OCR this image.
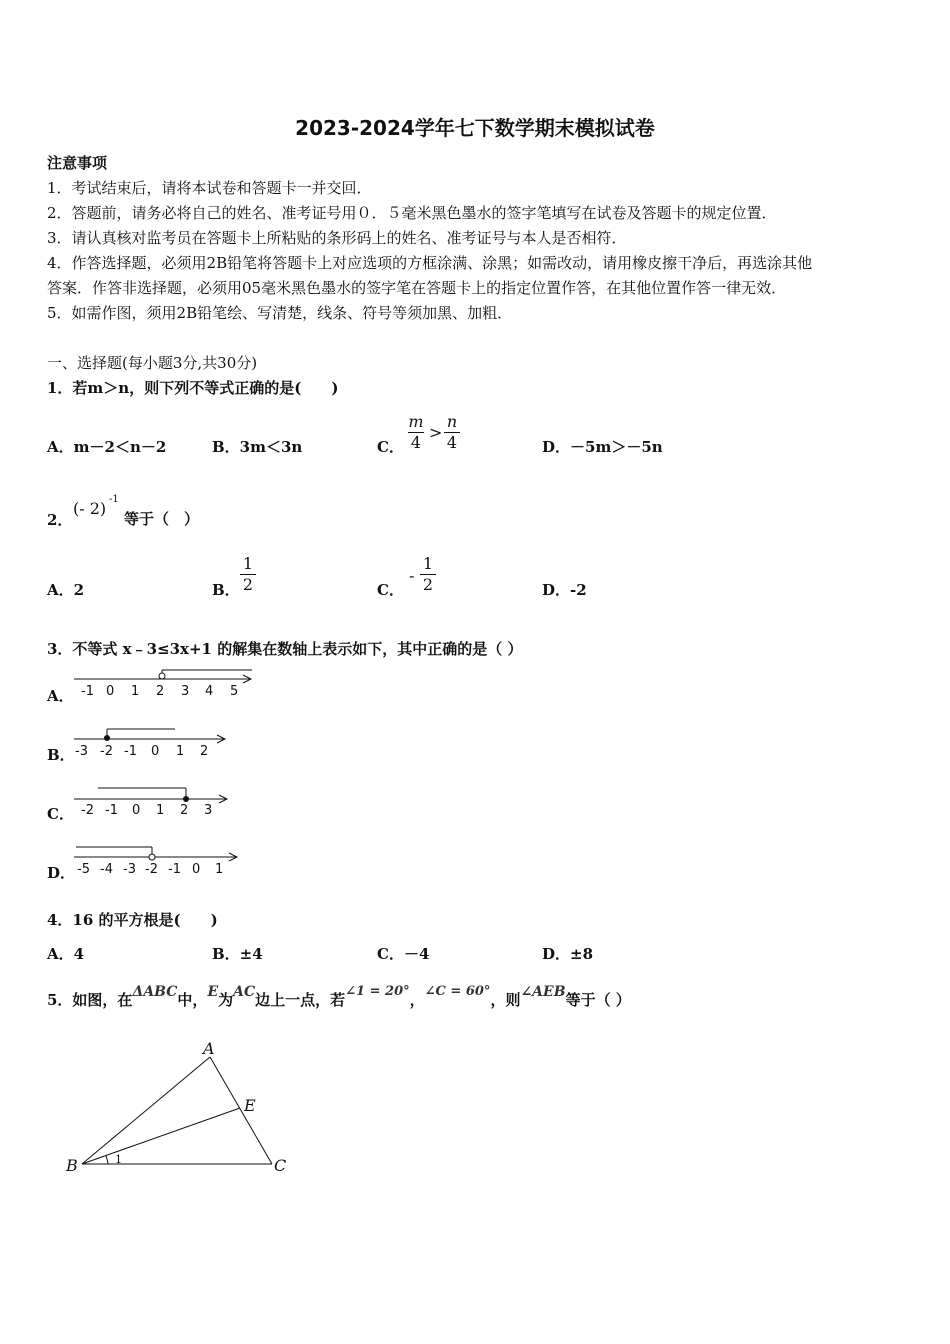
2023-2024学年七下数学期末模拟试卷
注意事项
1．考试结束后，请将本试卷和答题卡一并交回．
2．答题前，请务必将自己的姓名、准考证号用０．５毫米黑色墨水的签字笔填写在试卷及答题卡的规定位置．
3．请认真核对监考员在答题卡上所粘贴的条形码上的姓名、准考证号与本人是否相符．
4．作答选择题，必须用2B铅笔将答题卡上对应选项的方框涂满、涂黑；如需改动，请用橡皮擦干净后，再选涂其他
答案．作答非选择题，必须用05毫米黑色墨水的签字笔在答题卡上的指定位置作答，在其他位置作答一律无效．
5．如需作图，须用2B铅笔绘、写清楚，线条、符号等须加黑、加粗．
一、选择题(每小题3分,共30分)
1．若m＞n，则下列不等式正确的是(　　)
A．m－2＜n－2	B．3m＜3n	C．
m
4
>
n
4	D．－5m＞－5n
2．
(- 2) -1
等于（　）
A．2	B．
1
2	C．
-
1
2	D．-2
3．不等式 x﹣3≤3x+1 的解集在数轴上表示如下，其中正确的是（ ）
A． -1 0 1 2 3 4 5
B． -3 -2 -1 0 1 2
C． -2 -1 0 1 2 3
D． -5 -4 -3 -2 -1 0 1
4．16 的平方根是(　　)
A．4	B．±4	C．－4	D．±8
5．如图，在 ΔABC 中， E 为 AC 边上一点，若 ∠1 = 20° ， ∠C = 60° ，则 ∠AEB 等于（ ）
A
B	C
E
1
